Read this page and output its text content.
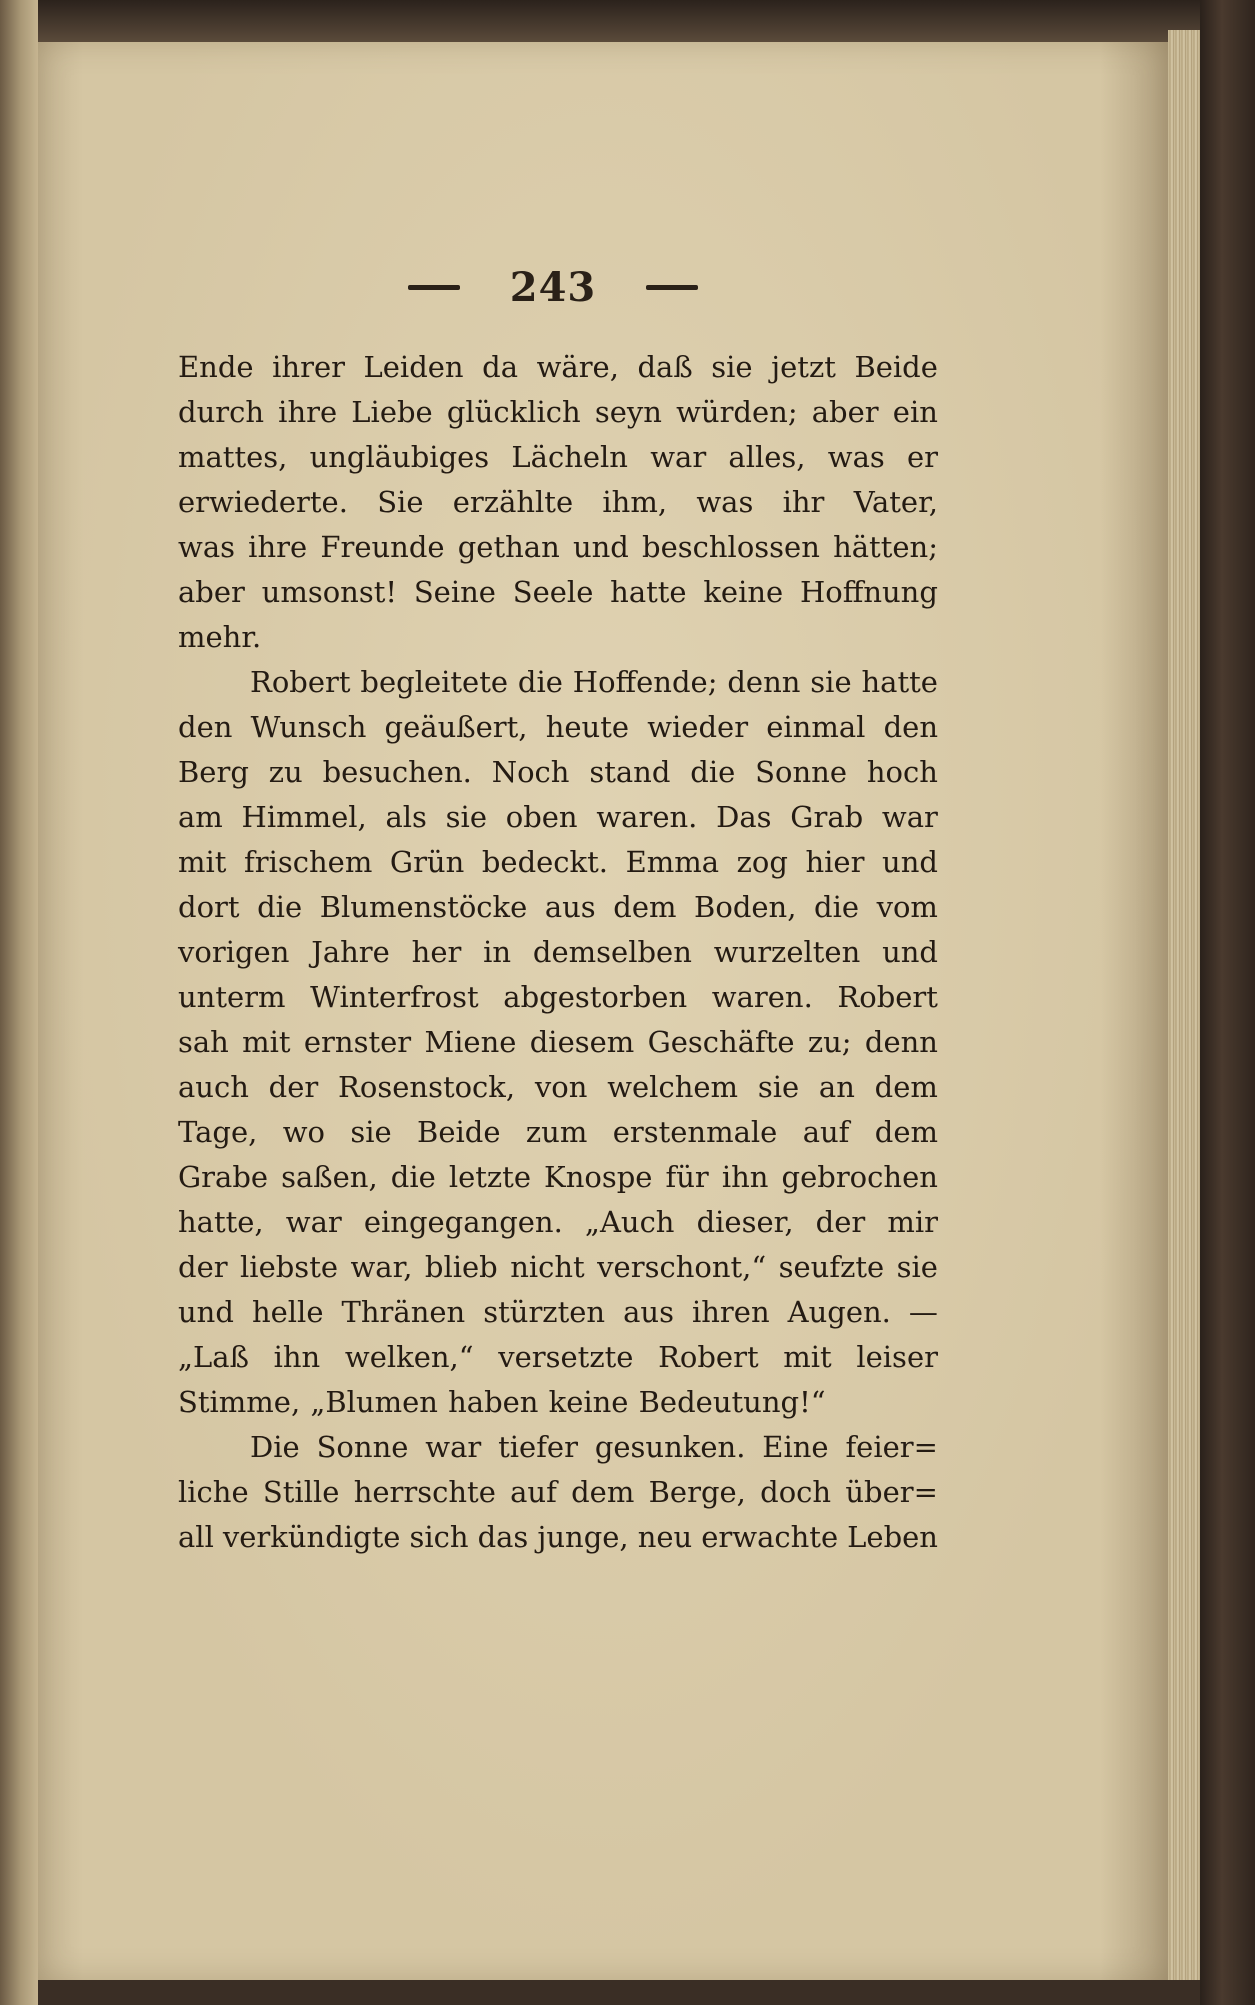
243
Ende ihrer Leiden da wäre, daß sie jetzt Beide
durch ihre Liebe glücklich seyn würden; aber ein
mattes, ungläubiges Lächeln war alles, was er
erwiederte. Sie erzählte ihm, was ihr Vater,
was ihre Freunde gethan und beschlossen hätten;
aber umsonst! Seine Seele hatte keine Hoffnung
mehr.
Robert begleitete die Hoffende; denn sie hatte
den Wunsch geäußert, heute wieder einmal den
Berg zu besuchen. Noch stand die Sonne hoch
am Himmel, als sie oben waren. Das Grab war
mit frischem Grün bedeckt. Emma zog hier und
dort die Blumenstöcke aus dem Boden, die vom
vorigen Jahre her in demselben wurzelten und
unterm Winterfrost abgestorben waren. Robert
sah mit ernster Miene diesem Geschäfte zu; denn
auch der Rosenstock, von welchem sie an dem
Tage, wo sie Beide zum erstenmale auf dem
Grabe saßen, die letzte Knospe für ihn gebrochen
hatte, war eingegangen. „Auch dieser, der mir
der liebste war, blieb nicht verschont,“ seufzte sie
und helle Thränen stürzten aus ihren Augen. —
„Laß ihn welken,“ versetzte Robert mit leiser
Stimme, „Blumen haben keine Bedeutung!“
Die Sonne war tiefer gesunken. Eine feier=
liche Stille herrschte auf dem Berge, doch über=
all verkündigte sich das junge, neu erwachte Leben
